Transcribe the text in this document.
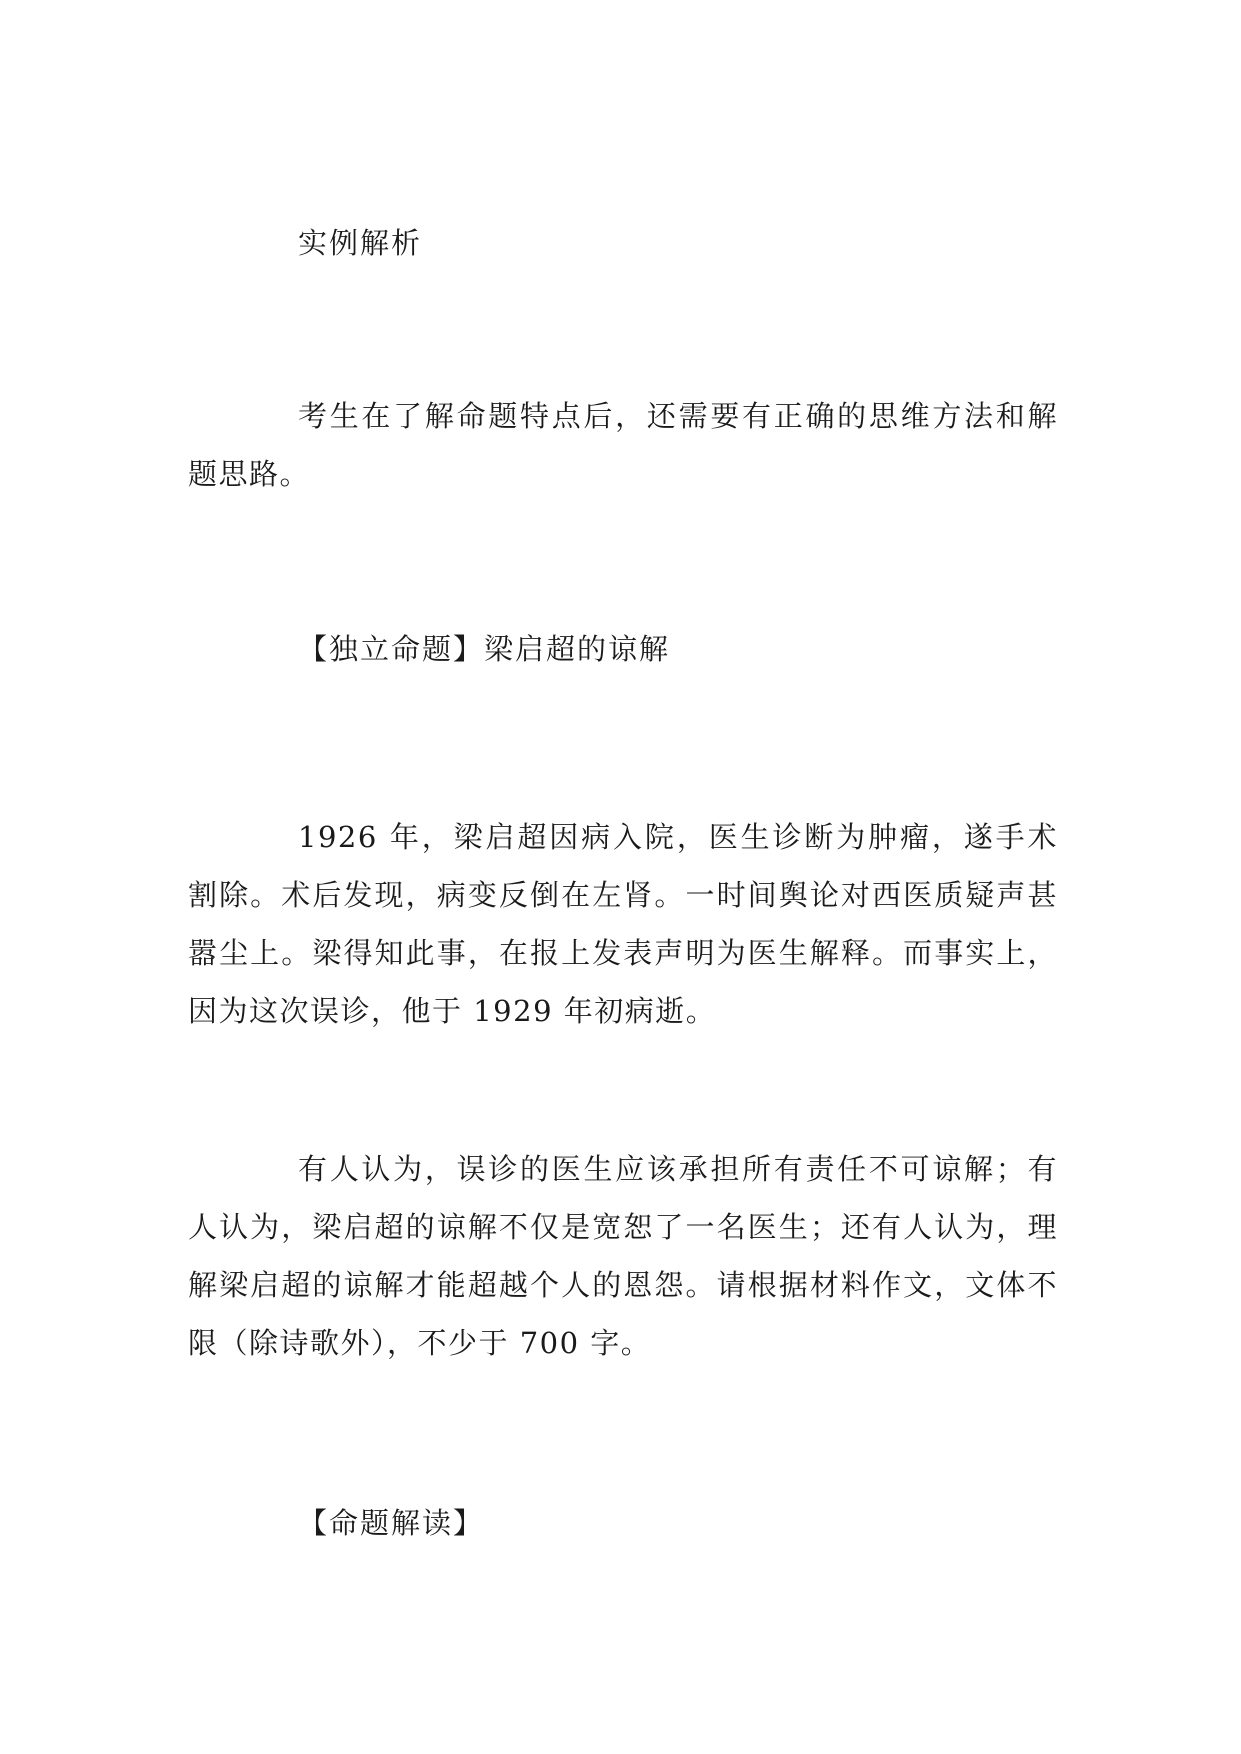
实例解析

考生在了解命题特点后，还需要有正确的思维方法和解题思路。

【独立命题】梁启超的谅解

1926 年，梁启超因病入院，医生诊断为肿瘤，遂手术割除。术后发现，病变反倒在左肾。一时间舆论对西医质疑声甚嚣尘上。梁得知此事，在报上发表声明为医生解释。而事实上，因为这次误诊，他于 1929 年初病逝。

有人认为，误诊的医生应该承担所有责任不可谅解；有人认为，梁启超的谅解不仅是宽恕了一名医生；还有人认为，理解梁启超的谅解才能超越个人的恩怨。请根据材料作文，文体不限（除诗歌外），不少于 700 字。

【命题解读】
